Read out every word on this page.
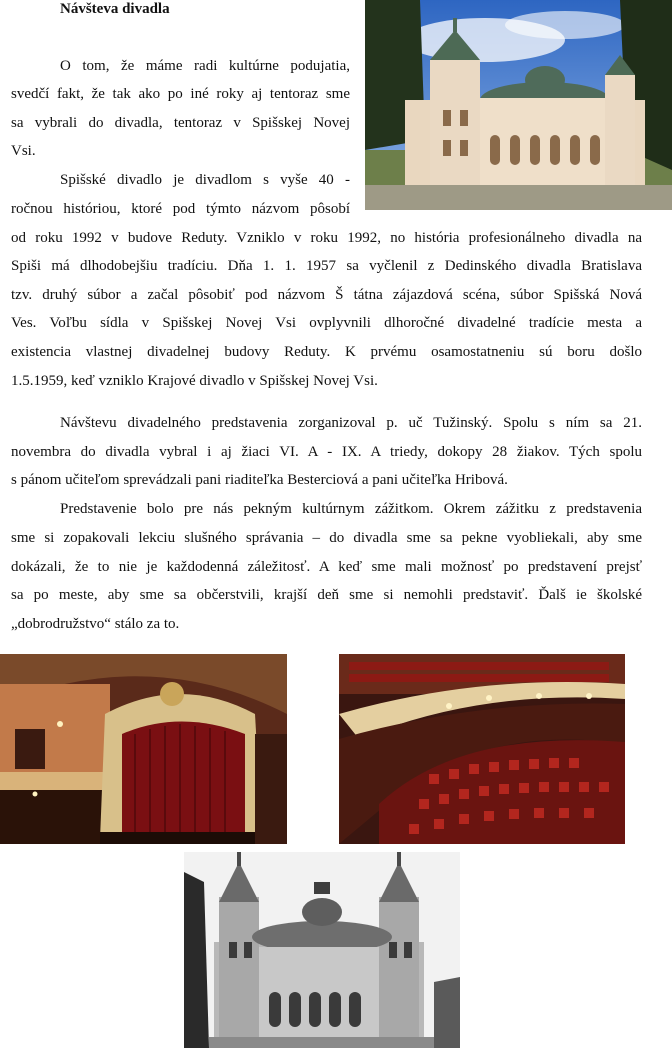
Návšteva divadla
O tom, že máme radi kultúrne podujatia,
svedčí fakt, že tak ako po iné roky aj tentoraz sme
sa vybrali do divadla, tentoraz v Spišskej Novej
Vsi.
Spišské divadlo je divadlom s vyše 40 -
ročnou históriou, ktoré pod týmto názvom pôsobí
od roku 1992 v budove Reduty. Vzniklo v roku 1992, no história profesionálneho divadla na
Spiši má dlhodobejšiu tradíciu. Dňa 1. 1. 1957 sa vyčlenil z Dedinského divadla Bratislava
tzv. druhý súbor a začal pôsobiť pod názvom Š tátna zájazdová scéna, súbor Spišská Nová
Ves. Voľbu sídla v Spišskej Novej Vsi ovplyvnili dlhoročné divadelné tradície mesta a
existencia vlastnej divadelnej budovy Reduty. K prvému osamostatneniu sú boru došlo
1.5.1959, keď vzniklo Krajové divadlo v Spišskej Novej Vsi.
Návštevu divadelného predstavenia zorganizoval p. uč Tužinský. Spolu s ním sa 21.
novembra do divadla vybral i aj žiaci VI. A - IX. A triedy, dokopy 28 žiakov. Tých spolu
s pánom učiteľom sprevádzali pani riaditeľka Besterciová a pani učiteľka Hribová.
Predstavenie bolo pre nás pekným kultúrnym zážitkom. Okrem zážitku z predstavenia
sme si zopakovali lekciu slušného správania – do divadla sme sa pekne vyobliekali, aby sme
dokázali, že to nie je každodenná záležitosť. A keď sme mali možnosť po predstavení prejsť
sa po meste, aby sme sa občerstvili, krajší deň sme si nemohli predstaviť. Ďalš ie školské
„dobrodružstvo“ stálo za to.
